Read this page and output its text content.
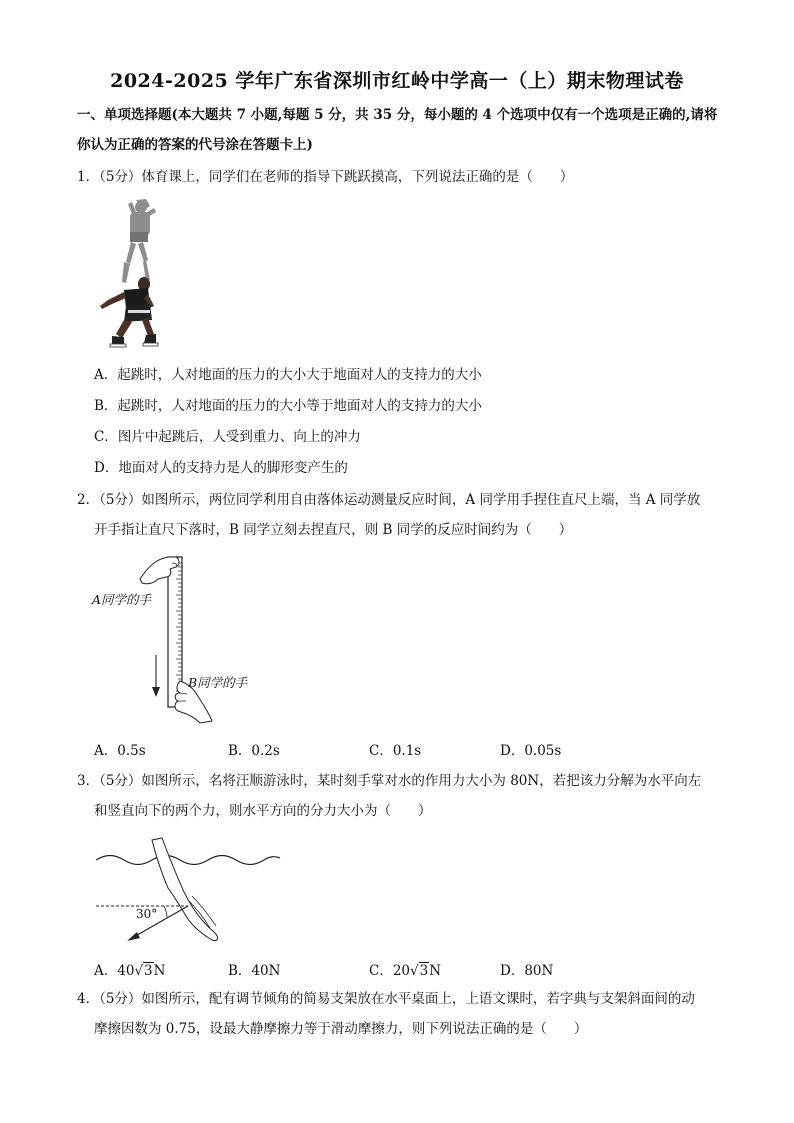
2024-2025 学年广东省深圳市红岭中学高一（上）期末物理试卷
一、单项选择题(本大题共 7 小题,每题 5 分，共 35 分，每小题的 4 个选项中仅有一个选项是正确的,请将
你认为正确的答案的代号涂在答题卡上)
1．（5分）体育课上，同学们在老师的指导下跳跃摸高，下列说法正确的是（　　）
A．起跳时，人对地面的压力的大小大于地面对人的支持力的大小
B．起跳时，人对地面的压力的大小等于地面对人的支持力的大小
C．图片中起跳后，人受到重力、向上的冲力
D．地面对人的支持力是人的脚形变产生的
2．（5分）如图所示，两位同学利用自由落体运动测量反应时间，A 同学用手捏住直尺上端，当 A 同学放
开手指让直尺下落时，B 同学立刻去捏直尺，则 B 同学的反应时间约为（　　）
A同学的手
B同学的手
A．0.5s	B．0.2s	C．0.1s	D．0.05s
3．（5分）如图所示，名将汪顺游泳时，某时刻手掌对水的作用力大小为 80N，若把该力分解为水平向左
和竖直向下的两个力，则水平方向的分力大小为（　　）
30°
A．40√3N	B．40N	C．20√3N	D．80N
4．（5分）如图所示，配有调节倾角的简易支架放在水平桌面上，上语文课时，若字典与支架斜面间的动
摩擦因数为 0.75，设最大静摩擦力等于滑动摩擦力，则下列说法正确的是（　　）
